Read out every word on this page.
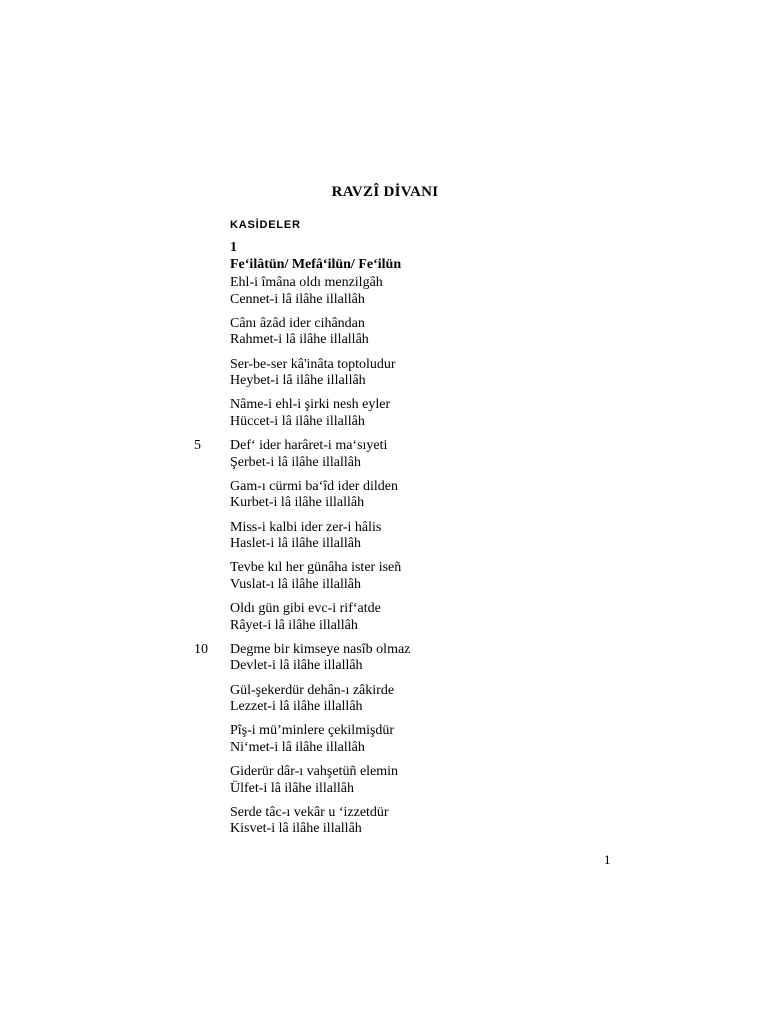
RAVZÎ DİVANI
KASİDELER
1
Fe‘ilâtün/ Mefâ‘ilün/ Fe‘ilün
Ehl-i îmâna oldı menzilgâh
Cennet-i lâ ilâhe illallâh
Cânı âzâd ider cihândan
Rahmet-i lâ ilâhe illallâh
Ser-be-ser kâ'inâta toptoludur
Heybet-i lâ ilâhe illallâh
Nâme-i ehl-i şirki nesh eyler
Hüccet-i lâ ilâhe illallâh
5 Def‘ ider harâret-i ma‘sıyeti
Şerbet-i lâ ilâhe illallâh
Gam-ı cürmi ba‘îd ider dilden
Kurbet-i lâ ilâhe illallâh
Miss-i kalbi ider zer-i hâlis
Haslet-i lâ ilâhe illallâh
Tevbe kıl her günâha ister iseñ
Vuslat-ı lâ ilâhe illallâh
Oldı gün gibi evc-i rif‘atde
Râyet-i lâ ilâhe illallâh
10 Degme bir kimseye nasîb olmaz
Devlet-i lâ ilâhe illallâh
Gül-şekerdür dehân-ı zâkirde
Lezzet-i lâ ilâhe illallâh
Pîş-i mü’minlere çekilmişdür
Ni‘met-i lâ ilâhe illallâh
Giderür dâr-ı vahşetüñ elemin
Ülfet-i lâ ilâhe illallâh
Serde tâc-ı vekâr u ‘izzetdür
Kisvet-i lâ ilâhe illallâh
1
